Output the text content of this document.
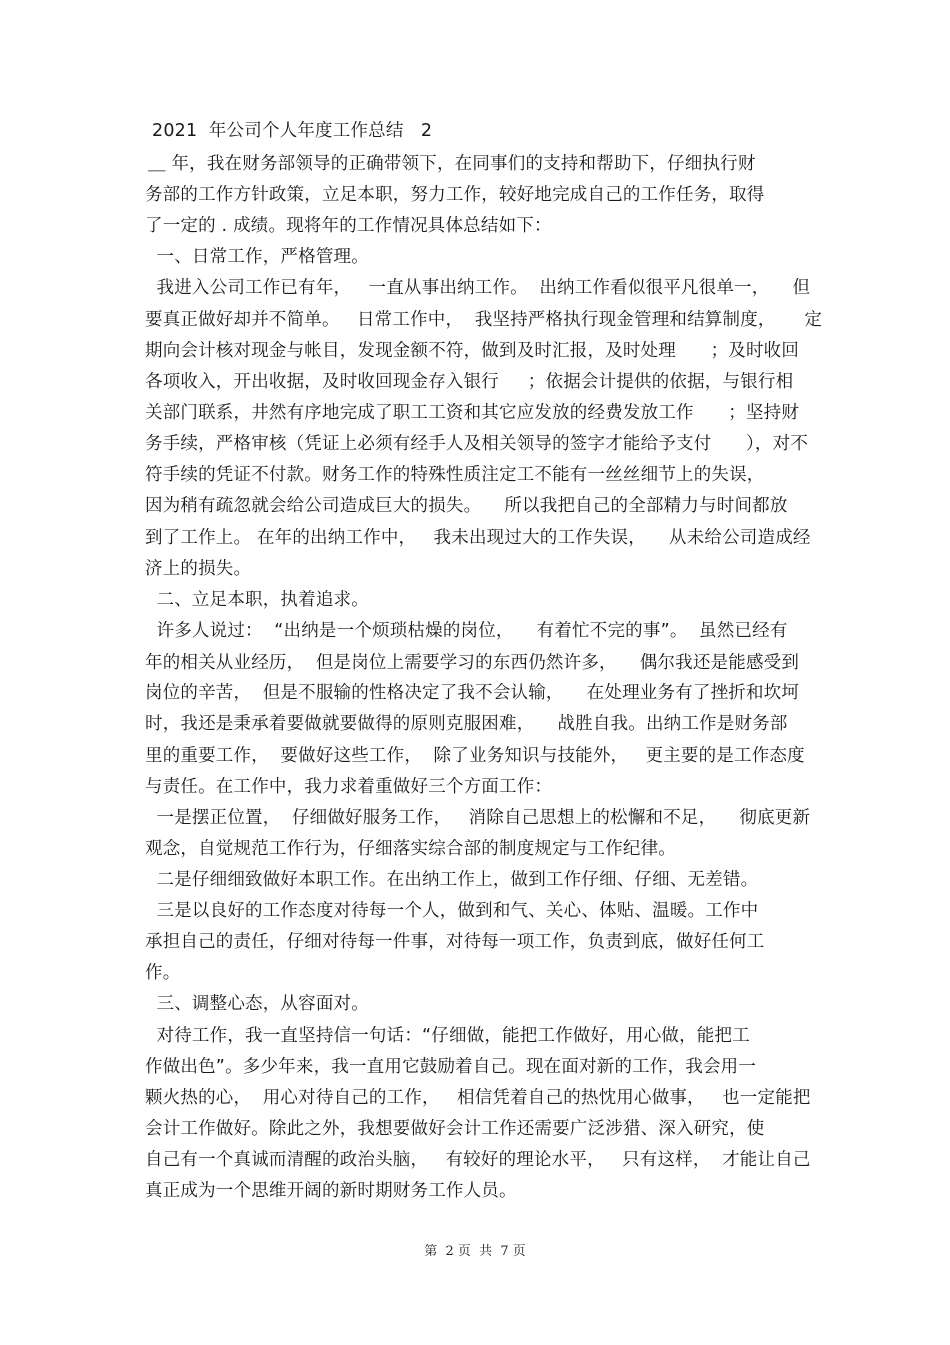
2021  年公司个人年度工作总结   2
＿ 年，我在财务部领导的正确带领下，在同事们的支持和帮助下，仔细执行财
务部的工作方针政策，立足本职，努力工作，较好地完成自己的工作任务，取得
了一定的 . 成绩。现将年的工作情况具体总结如下：
一、日常工作，严格管理。
我进入公司工作已有年，   一直从事出纳工作。  出纳工作看似很平凡很单一，    但
要真正做好却并不简单。   日常工作中，  我坚持严格执行现金管理和结算制度，     定
期向会计核对现金与帐目，发现金额不符，做到及时汇报，及时处理      ；及时收回
各项收入，开出收据，及时收回现金存入银行     ；依据会计提供的依据，与银行相
关部门联系，井然有序地完成了职工工资和其它应发放的经费发放工作      ；坚持财
务手续，严格审核（凭证上必须有经手人及相关领导的签字才能给予支付      ），对不
符手续的凭证不付款。财务工作的特殊性质注定工不能有一丝丝细节上的失误，
因为稍有疏忽就会给公司造成巨大的损失。    所以我把自己的全部精力与时间都放
到了工作上。 在年的出纳工作中，   我未出现过大的工作失误，    从未给公司造成经
济上的损失。
二、立足本职，执着追求。
许多人说过：  “出纳是一个烦琐枯燥的岗位，    有着忙不完的事”。  虽然已经有
年的相关从业经历，  但是岗位上需要学习的东西仍然许多，    偶尔我还是能感受到
岗位的辛苦，  但是不服输的性格决定了我不会认输，    在处理业务有了挫折和坎坷
时，我还是秉承着要做就要做得的原则克服困难，    战胜自我。出纳工作是财务部
里的重要工作，  要做好这些工作，  除了业务知识与技能外，   更主要的是工作态度
与责任。在工作中，我力求着重做好三个方面工作：
一是摆正位置，  仔细做好服务工作，   消除自己思想上的松懈和不足，    彻底更新
观念，自觉规范工作行为，仔细落实综合部的制度规定与工作纪律。
二是仔细细致做好本职工作。在出纳工作上，做到工作仔细、仔细、无差错。
三是以良好的工作态度对待每一个人，做到和气、关心、体贴、温暖。工作中
承担自己的责任，仔细对待每一件事，对待每一项工作，负责到底，做好任何工
作。
三、调整心态，从容面对。
对待工作，我一直坚持信一句话：“仔细做，能把工作做好，用心做，能把工
作做出色”。多少年来，我一直用它鼓励着自己。现在面对新的工作，我会用一
颗火热的心，  用心对待自己的工作，   相信凭着自己的热忱用心做事，   也一定能把
会计工作做好。除此之外，我想要做好会计工作还需要广泛涉猎、深入研究，使
自己有一个真诚而清醒的政治头脑，   有较好的理论水平，   只有这样，  才能让自己
真正成为一个思维开阔的新时期财务工作人员。
第  2 页  共  7 页
